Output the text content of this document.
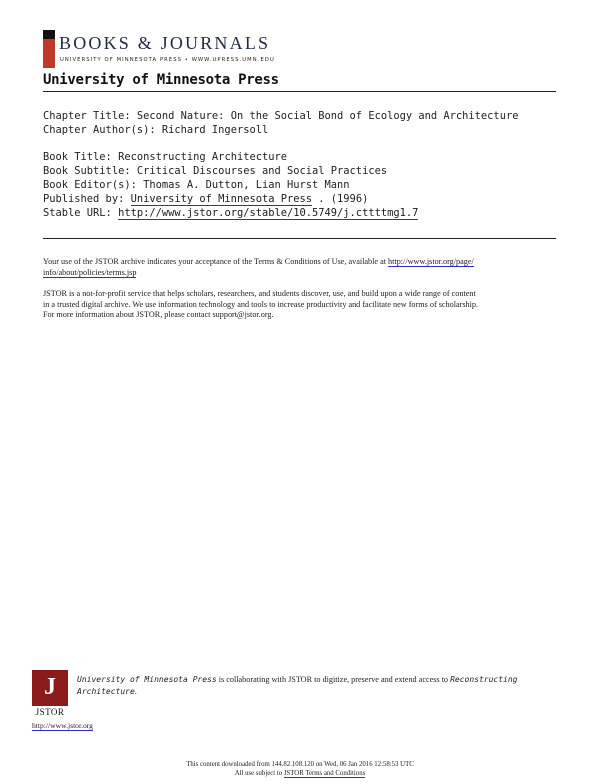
BOOKS & JOURNALS
UNIVERSITY OF MINNESOTA PRESS • WWW.UPRESS.UMN.EDU
University of Minnesota Press
Chapter Title: Second Nature: On the Social Bond of Ecology and Architecture
Chapter Author(s): Richard Ingersoll
Book Title: Reconstructing Architecture
Book Subtitle: Critical Discourses and Social Practices
Book Editor(s): Thomas A. Dutton, Lian Hurst Mann
Published by: University of Minnesota Press . (1996)
Stable URL: http://www.jstor.org/stable/10.5749/j.cttttmg1.7
Your use of the JSTOR archive indicates your acceptance of the Terms & Conditions of Use, available at http://www.jstor.org/page/
info/about/policies/terms.jsp
JSTOR is a not-for-profit service that helps scholars, researchers, and students discover, use, and build upon a wide range of content
in a trusted digital archive. We use information technology and tools to increase productivity and facilitate new forms of scholarship.
For more information about JSTOR, please contact support@jstor.org.
J
JSTOR
University of Minnesota Press is collaborating with JSTOR to digitize, preserve and extend access to Reconstructing
Architecture.
http://www.jstor.org
This content downloaded from 144.82.108.120 on Wed, 06 Jan 2016 12:58:53 UTC
All use subject to JSTOR Terms and Conditions
